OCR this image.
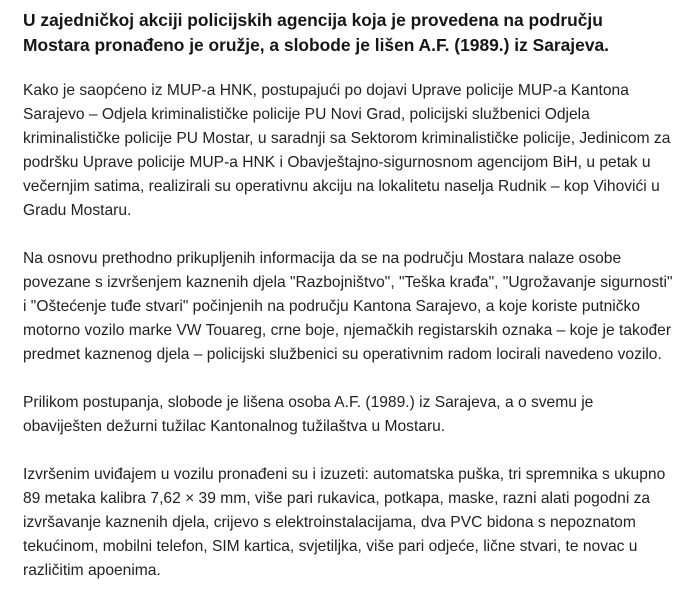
U zajedničkoj akciji policijskih agencija koja je provedena na području Mostara pronađeno je oružje, a slobode je lišen A.F. (1989.) iz Sarajeva.

Kako je saopćeno iz MUP-a HNK, postupajući po dojavi Uprave policije MUP-a Kantona Sarajevo – Odjela kriminalističke policije PU Novi Grad, policijski službenici Odjela kriminalističke policije PU Mostar, u saradnji sa Sektorom kriminalističke policije, Jedinicom za podršku Uprave policije MUP-a HNK i Obavještajno-sigurnosnom agencijom BiH, u petak u večernjim satima, realizirali su operativnu akciju na lokalitetu naselja Rudnik – kop Vihovići u Gradu Mostaru.

Na osnovu prethodno prikupljenih informacija da se na području Mostara nalaze osobe povezane s izvršenjem kaznenih djela "Razbojništvo", "Teška krađa", "Ugrožavanje sigurnosti" i "Oštećenje tuđe stvari" počinjenih na području Kantona Sarajevo, a koje koriste putničko motorno vozilo marke VW Touareg, crne boje, njemačkih registarskih oznaka – koje je također predmet kaznenog djela – policijski službenici su operativnim radom locirali navedeno vozilo.

Prilikom postupanja, slobode je lišena osoba A.F. (1989.) iz Sarajeva, a o svemu je obaviješten dežurni tužilac Kantonalnog tužilaštva u Mostaru.

Izvršenim uviđajem u vozilu pronađeni su i izuzeti: automatska puška, tri spremnika s ukupno 89 metaka kalibra 7,62 × 39 mm, više pari rukavica, potkapa, maske, razni alati pogodni za izvršavanje kaznenih djela, crijevo s elektroinstalacijama, dva PVC bidona s nepoznatom tekućinom, mobilni telefon, SIM kartica, svjetiljka, više pari odjeće, lične stvari, te novac u različitim apoenima.
